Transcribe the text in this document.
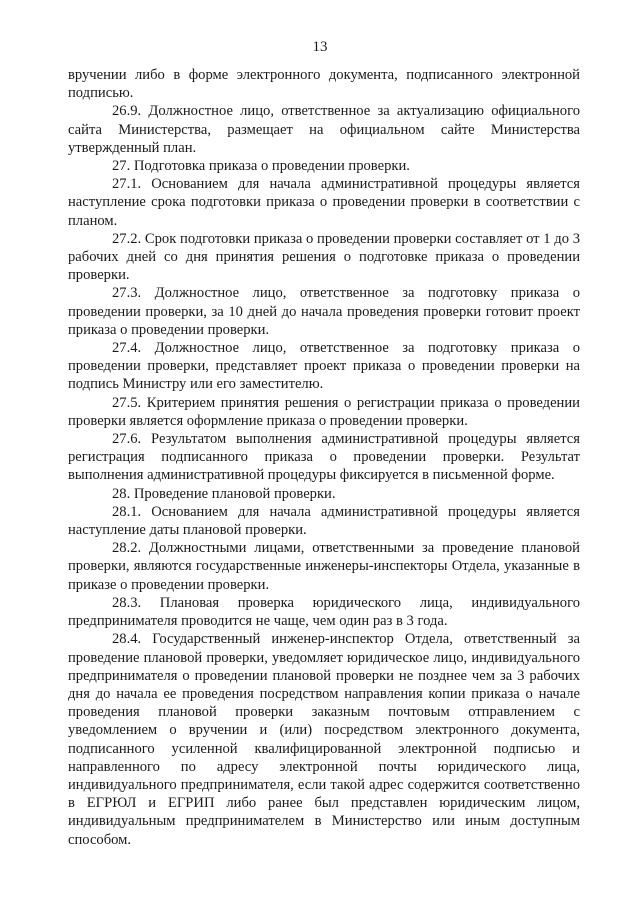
13

вручении либо в форме электронного документа, подписанного электронной подписью.

26.9. Должностное лицо, ответственное за актуализацию официального сайта Министерства, размещает на официальном сайте Министерства утвержденный план.

27. Подготовка приказа о проведении проверки.

27.1. Основанием для начала административной процедуры является наступление срока подготовки приказа о проведении проверки в соответствии с планом.

27.2. Срок подготовки приказа о проведении проверки составляет от 1 до 3 рабочих дней со дня принятия решения о подготовке приказа о проведении проверки.

27.3. Должностное лицо, ответственное за подготовку приказа о проведении проверки, за 10 дней до начала проведения проверки готовит проект приказа о проведении проверки.

27.4. Должностное лицо, ответственное за подготовку приказа о проведении проверки, представляет проект приказа о проведении проверки на подпись Министру или его заместителю.

27.5. Критерием принятия решения о регистрации приказа о проведении проверки является оформление приказа о проведении проверки.

27.6. Результатом выполнения административной процедуры является регистрация подписанного приказа о проведении проверки. Результат выполнения административной процедуры фиксируется в письменной форме.

28. Проведение плановой проверки.

28.1. Основанием для начала административной процедуры является наступление даты плановой проверки.

28.2. Должностными лицами, ответственными за проведение плановой проверки, являются государственные инженеры-инспекторы Отдела, указанные в приказе о проведении проверки.

28.3. Плановая проверка юридического лица, индивидуального предпринимателя проводится не чаще, чем один раз в 3 года.

28.4. Государственный инженер-инспектор Отдела, ответственный за проведение плановой проверки, уведомляет юридическое лицо, индивидуального предпринимателя о проведении плановой проверки не позднее чем за 3 рабочих дня до начала ее проведения посредством направления копии приказа о начале проведения плановой проверки заказным почтовым отправлением с уведомлением о вручении и (или) посредством электронного документа, подписанного усиленной квалифицированной электронной подписью и направленного по адресу электронной почты юридического лица, индивидуального предпринимателя, если такой адрес содержится соответственно в ЕГРЮЛ и ЕГРИП либо ранее был представлен юридическим лицом, индивидуальным предпринимателем в Министерство или иным доступным способом.
